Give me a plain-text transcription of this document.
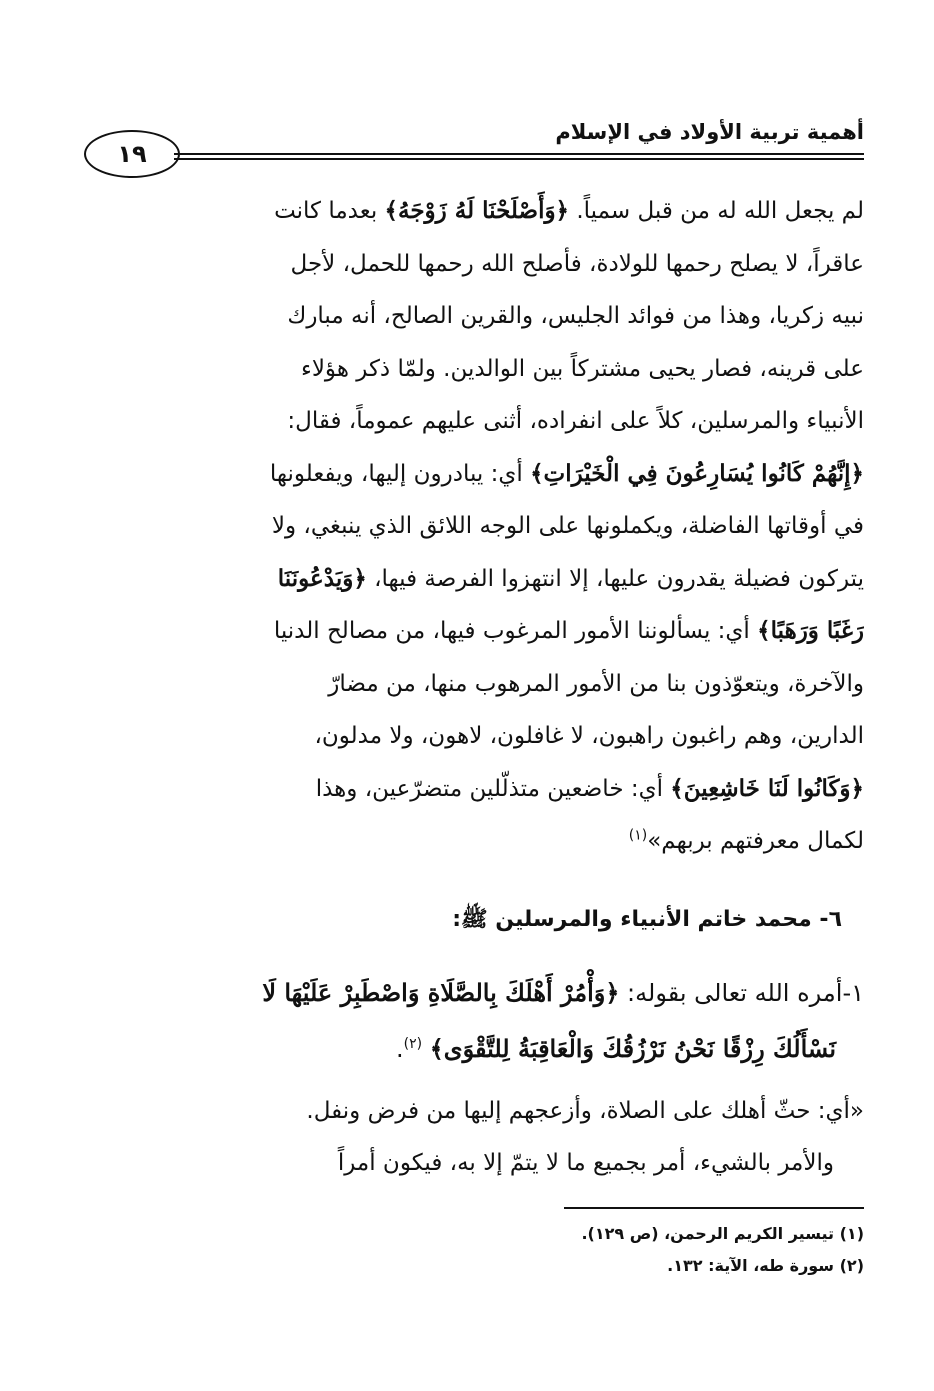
أهمية تربية الأولاد في الإسلام
١٩
لم يجعل الله له من قبل سمياً. ﴿وَأَصْلَحْنَا لَهُ زَوْجَهُ﴾ بعدما كانت
عاقراً، لا يصلح رحمها للولادة، فأصلح الله رحمها للحمل، لأجل
نبيه زكريا، وهذا من فوائد الجليس، والقرين الصالح، أنه مبارك
على قرينه، فصار يحيى مشتركاً بين الوالدين. ولمّا ذكر هؤلاء
الأنبياء والمرسلين، كلاً على انفراده، أثنى عليهم عموماً، فقال:
﴿إِنَّهُمْ كَانُوا يُسَارِعُونَ فِي الْخَيْرَاتِ﴾ أي: يبادرون إليها، ويفعلونها
في أوقاتها الفاضلة، ويكملونها على الوجه اللائق الذي ينبغي، ولا
يتركون فضيلة يقدرون عليها، إلا انتهزوا الفرصة فيها، ﴿وَيَدْعُونَنَا
رَغَبًا وَرَهَبًا﴾ أي: يسألوننا الأمور المرغوب فيها، من مصالح الدنيا
والآخرة، ويتعوّذون بنا من الأمور المرهوب منها، من مضارّ
الدارين، وهم راغبون راهبون، لا غافلون، لاهون، ولا مدلون،
﴿وَكَانُوا لَنَا خَاشِعِينَ﴾ أي: خاضعين متذلّلين متضرّعين، وهذا
لكمال معرفتهم بربهم»$^{(١)}$
٦- محمد خاتم الأنبياء والمرسلين ﷺ:
١-أمره الله تعالى بقوله: ﴿وَأْمُرْ أَهْلَكَ بِالصَّلَاةِ وَاصْطَبِرْ عَلَيْهَا لَا
نَسْأَلُكَ رِزْقًا نَحْنُ نَرْزُقُكَ وَالْعَاقِبَةُ لِلتَّقْوَى﴾ $^{(٢)}$.
«أي: حثّ أهلك على الصلاة، وأزعجهم إليها من فرض ونفل.
والأمر بالشيء، أمر بجميع ما لا يتمّ إلا به، فيكون أمراً
(١) تيسير الكريم الرحمن، (ص ١٢٩).
(٢) سورة طه، الآية: ١٣٢.
